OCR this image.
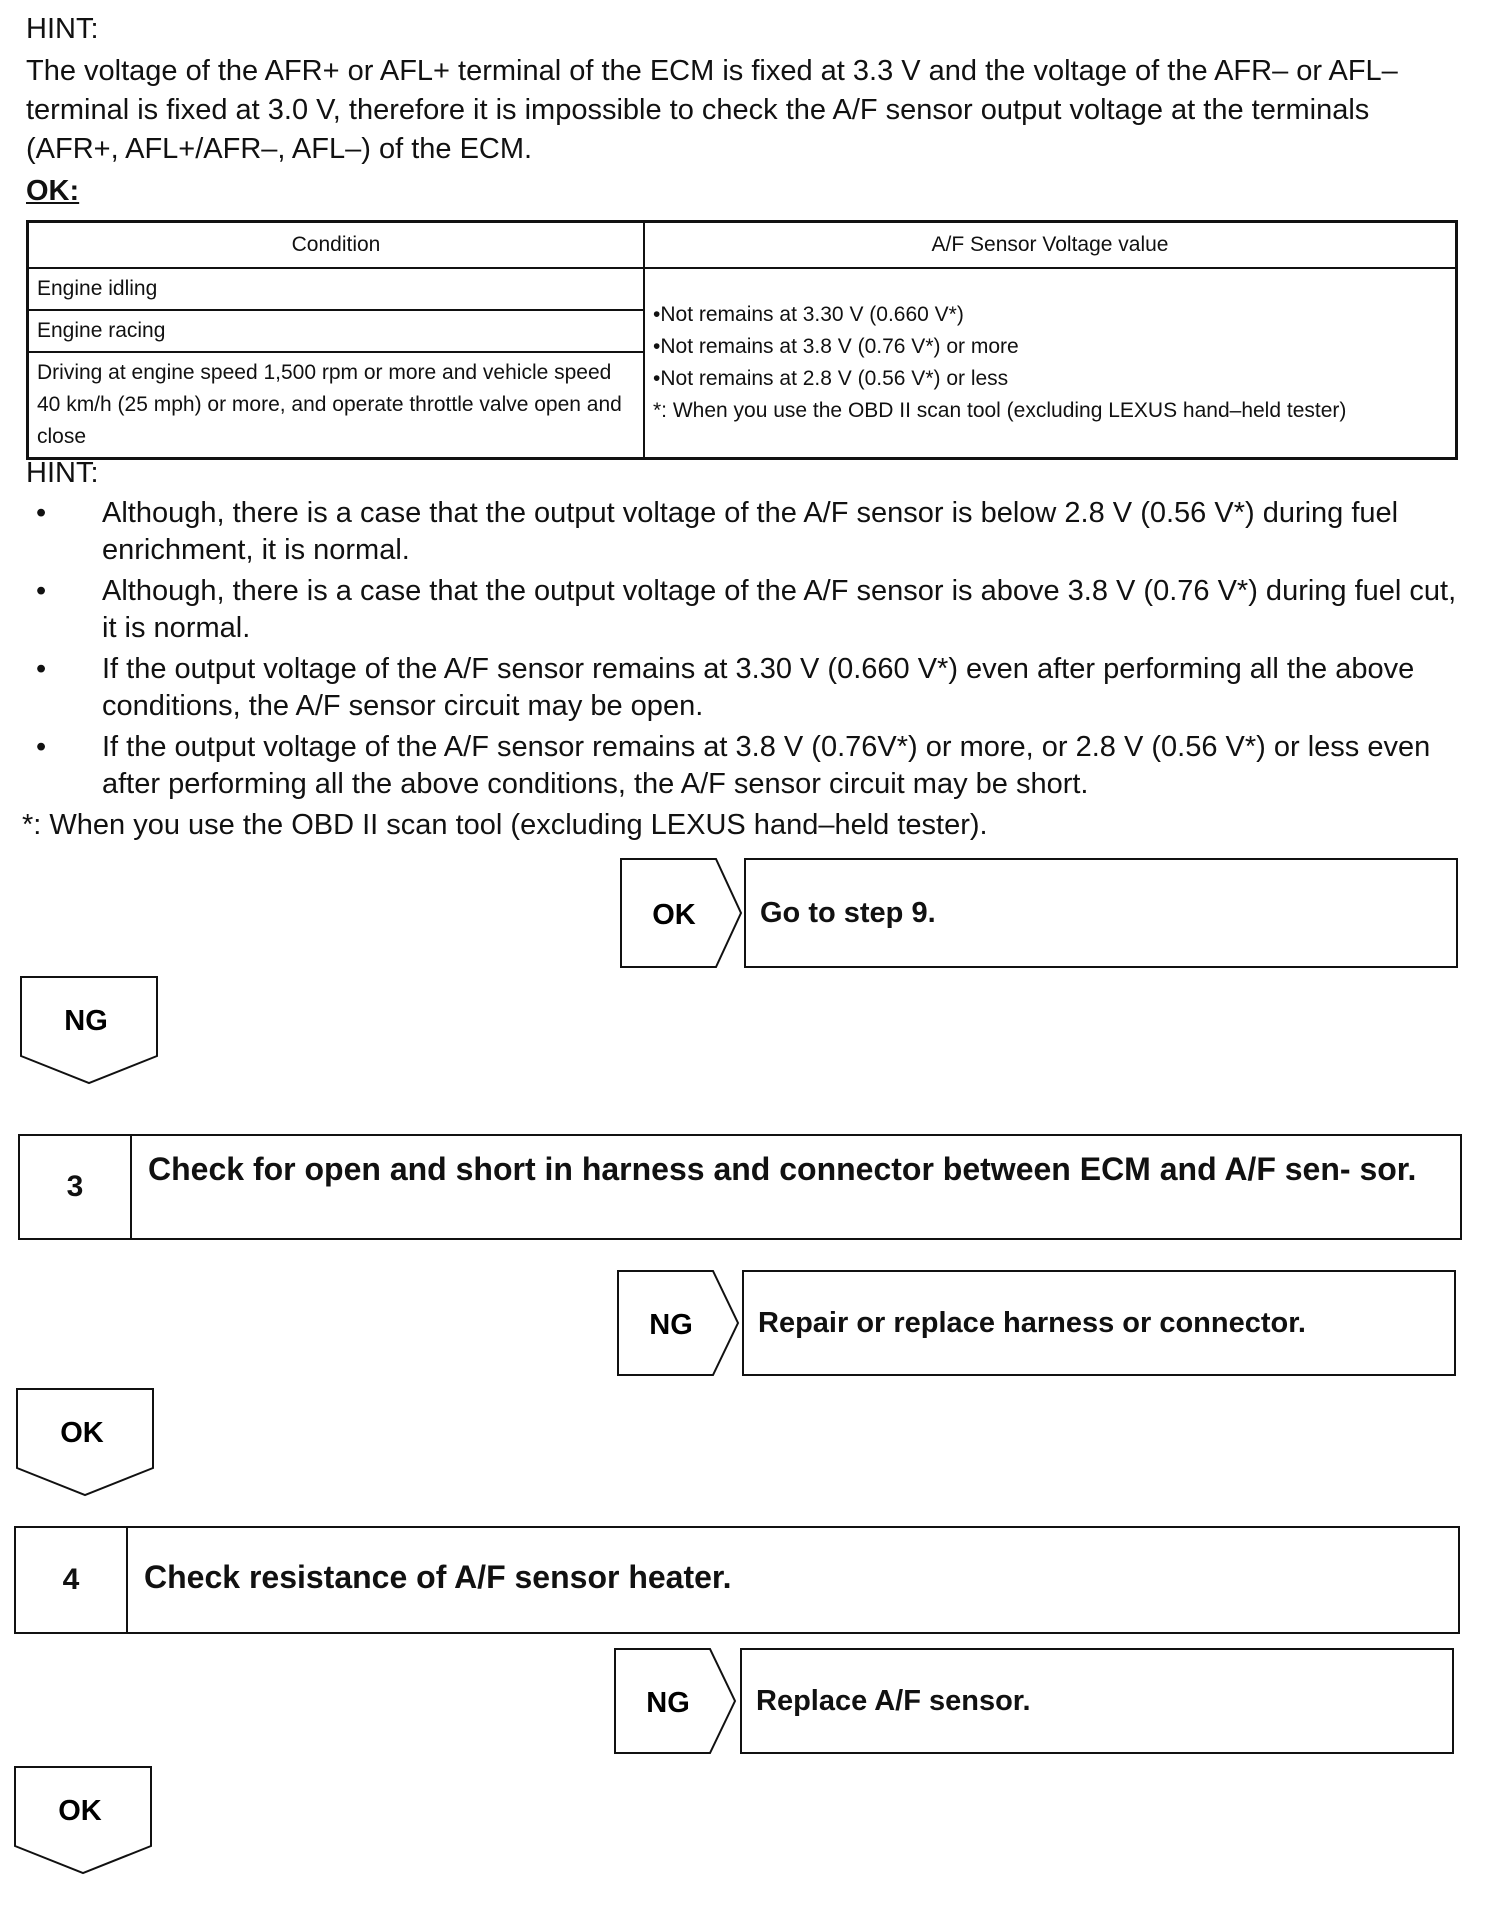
HINT:
The voltage of the AFR+ or AFL+ terminal of the ECM is fixed at 3.3 V and the voltage of the AFR– or AFL– terminal is fixed at 3.0 V, therefore it is impossible to check the A/F sensor output voltage at the terminals (AFR+, AFL+/AFR–, AFL–) of the ECM.
OK:
Condition	A/F Sensor Voltage value
Engine idling	•Not remains at 3.30 V (0.660 V*)
•Not remains at 3.8 V (0.76 V*) or more
•Not remains at 2.8 V (0.56 V*) or less
*: When you use the OBD II scan tool (excluding LEXUS hand–held tester)

Engine racing	
Driving at engine speed 1,500 rpm or more and vehicle speed 40 km/h (25 mph) or more, and operate throttle valve open and close	
HINT:
• Although, there is a case that the output voltage of the A/F sensor is below 2.8 V (0.56 V*) during fuel enrichment, it is normal.
• Although, there is a case that the output voltage of the A/F sensor is above 3.8 V (0.76 V*) during fuel cut, it is normal.
• If the output voltage of the A/F sensor remains at 3.30 V (0.660 V*) even after performing all the above conditions, the A/F sensor circuit may be open.
• If the output voltage of the A/F sensor remains at 3.8 V (0.76V*) or more, or 2.8 V (0.56 V*) or less even after performing all the above conditions, the A/F sensor circuit may be short.
*: When you use the OBD II scan tool (excluding LEXUS hand–held tester).
OK Go to step 9.
NG
3	Check for open and short in harness and connector between ECM and A/F sen- sor.
NG Repair or replace harness or connector.
OK
4	Check resistance of A/F sensor heater.
NG Replace A/F sensor.
OK
